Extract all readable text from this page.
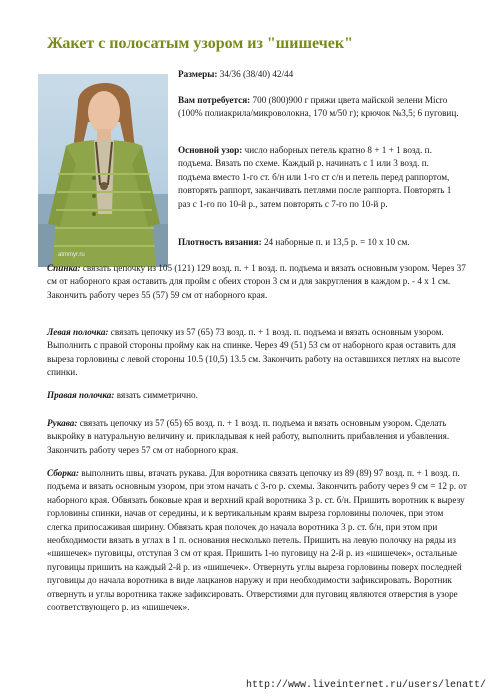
Жакет с полосатым узором из "шишечек"
atmmyr.ru

Размеры: 34/36 (38/40) 42/44

Вам потребуется: 700 (800)900 г пряжи цвета майской зелени Micro (100% полиакрила/микроволокна, 170 м/50 г); крючок №3,5; 6 пуговиц.

Основной узор: число наборных петель кратно 8 + 1 + 1 возд. п. подъема. Вязать по схеме. Каждый р. начинать с 1 или 3 возд. п. подъема вместо 1-го ст. б/н или 1-го ст с/н и петель перед раппортом, повторять раппорт, заканчивать петлями после раппорта. Повторять 1 раз с 1-го по 10-й р., затем повторять с 7-го по 10-й р.

Плотность вязания: 24 наборные п. и 13,5 р. = 10 х 10 см.

Спинка: связать цепочку из 105 (121) 129 возд. п. + 1 возд. п. подъема и вязать основным узором. Через 37 см от наборного края оставить для пройм с обеих сторон 3 см и для закругления в каждом р. - 4 х 1 см. Закончить работу через 55 (57) 59 см от наборного края.

Левая полочка: связать цепочку из 57 (65) 73 возд. п. + 1 возд. п. подъема и вязать основным узором. Выполнить с правой стороны пройму как на спинке. Через 49 (51) 53 см от наборного края оставить для выреза горловины с левой стороны 10.5 (10,5) 13.5 см. Закончить работу на оставшихся петлях на высоте спинки.

Правая полочка: вязать симметрично.

Рукава: связать цепочку из 57 (65) 65 возд. п. + 1 возд. п. подъема и вязать основным узором. Сделать выкройку в натуральную величину и. прикладывая к ней работу, выполнить прибавления и убавления. Закончить работу через 57 см от наборного края.

Сборка: выполнить швы, втачать рукава. Для воротника связать цепочку из 89 (89) 97 возд. п. + 1 возд. п. подъема и вязать основным узором, при этом начать с 3-го р. схемы. Закончить работу через 9 см = 12 р. от наборного края. Обвязать боковые края и верхний край воротника 3 р. ст. б/н. Пришить воротник к вырезу горловины спинки, начав от середины, и к вертикальным краям выреза горловины полочек, при этом слегка припосаживая ширину. Обвязать края полочек до начала воротника 3 р. ст. б/н, при этом при необходимости вязать в углах в 1 п. основания несколько петель. Пришить на левую полочку на ряды из «шишечек» пуговицы, отступая 3 см от края. Пришить 1-ю пуговицу на 2-й р. из «шишечек», остальные пуговицы пришить на каждый 2-й р. из «шишечек». Отвернуть углы выреза горловины поверх последней пуговицы до начала воротника в виде лацканов наружу и при необходимости зафиксировать. Воротник отвернуть и углы воротника также зафиксировать. Отверстиями для пуговиц являются отверстия в узоре соответствующего р. из «шишечек».

http://www.liveinternet.ru/users/lenatt/
